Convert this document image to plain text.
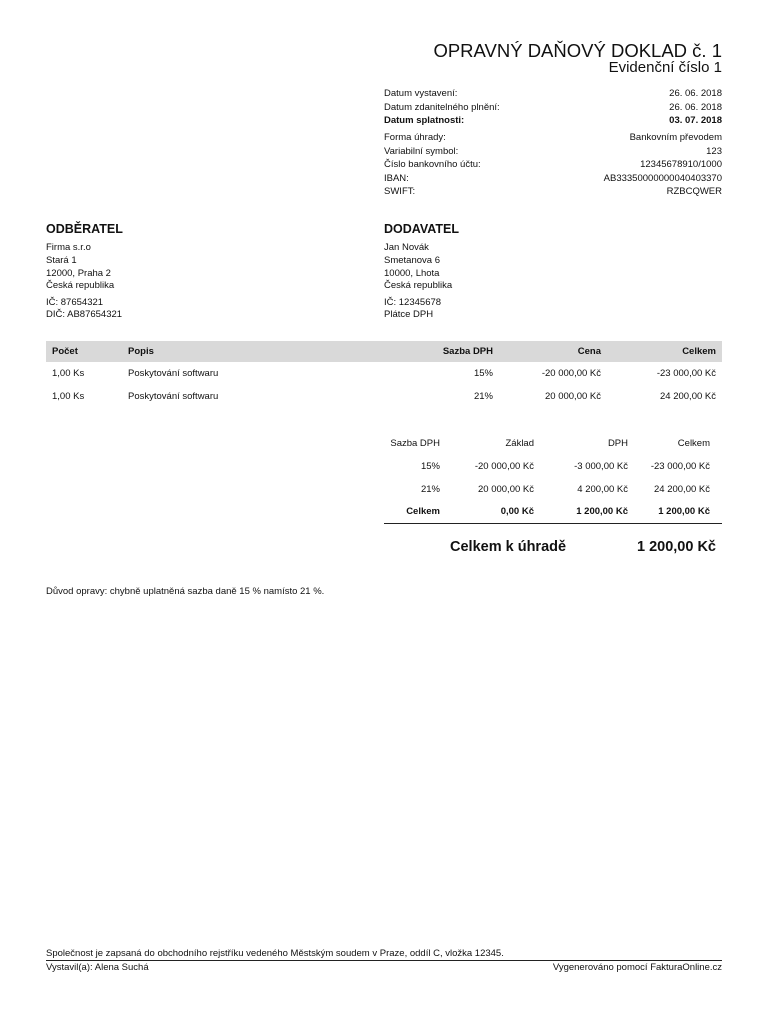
OPRAVNÝ DAŇOVÝ DOKLAD č. 1
Evidenční číslo 1
Datum vystavení:	26. 06. 2018
Datum zdanitelného plnění:	26. 06. 2018
Datum splatnosti:	03. 07. 2018
Forma úhrady:	Bankovním převodem
Variabilní symbol:	123
Číslo bankovního účtu:	12345678910/1000
IBAN:	AB33350000000040403370
SWIFT:	RZBCQWER
ODBĚRATEL
Firma s.r.o
Stará 1
12000, Praha 2
Česká republika
IČ: 87654321
DIČ: AB87654321
DODAVATEL
Jan Novák
Smetanova 6
10000, Lhota
Česká republika
IČ: 12345678
Plátce DPH
Počet	Popis	Sazba DPH	Cena	Celkem
1,00 Ks	Poskytování softwaru	15%	-20 000,00 Kč	-23 000,00 Kč
1,00 Ks	Poskytování softwaru	21%	20 000,00 Kč	24 200,00 Kč
Sazba DPH	Základ	DPH	Celkem
15%	-20 000,00 Kč	-3 000,00 Kč	-23 000,00 Kč
21%	20 000,00 Kč	4 200,00 Kč	24 200,00 Kč
Celkem	0,00 Kč	1 200,00 Kč	1 200,00 Kč
Celkem k úhradě	1 200,00 Kč
Důvod opravy: chybně uplatněná sazba daně 15 % namísto 21 %.
Společnost je zapsaná do obchodního rejstříku vedeného Městským soudem v Praze, oddíl C, vložka 12345.
Vystavil(a): Alena Suchá	Vygenerováno pomocí FakturaOnline.cz
